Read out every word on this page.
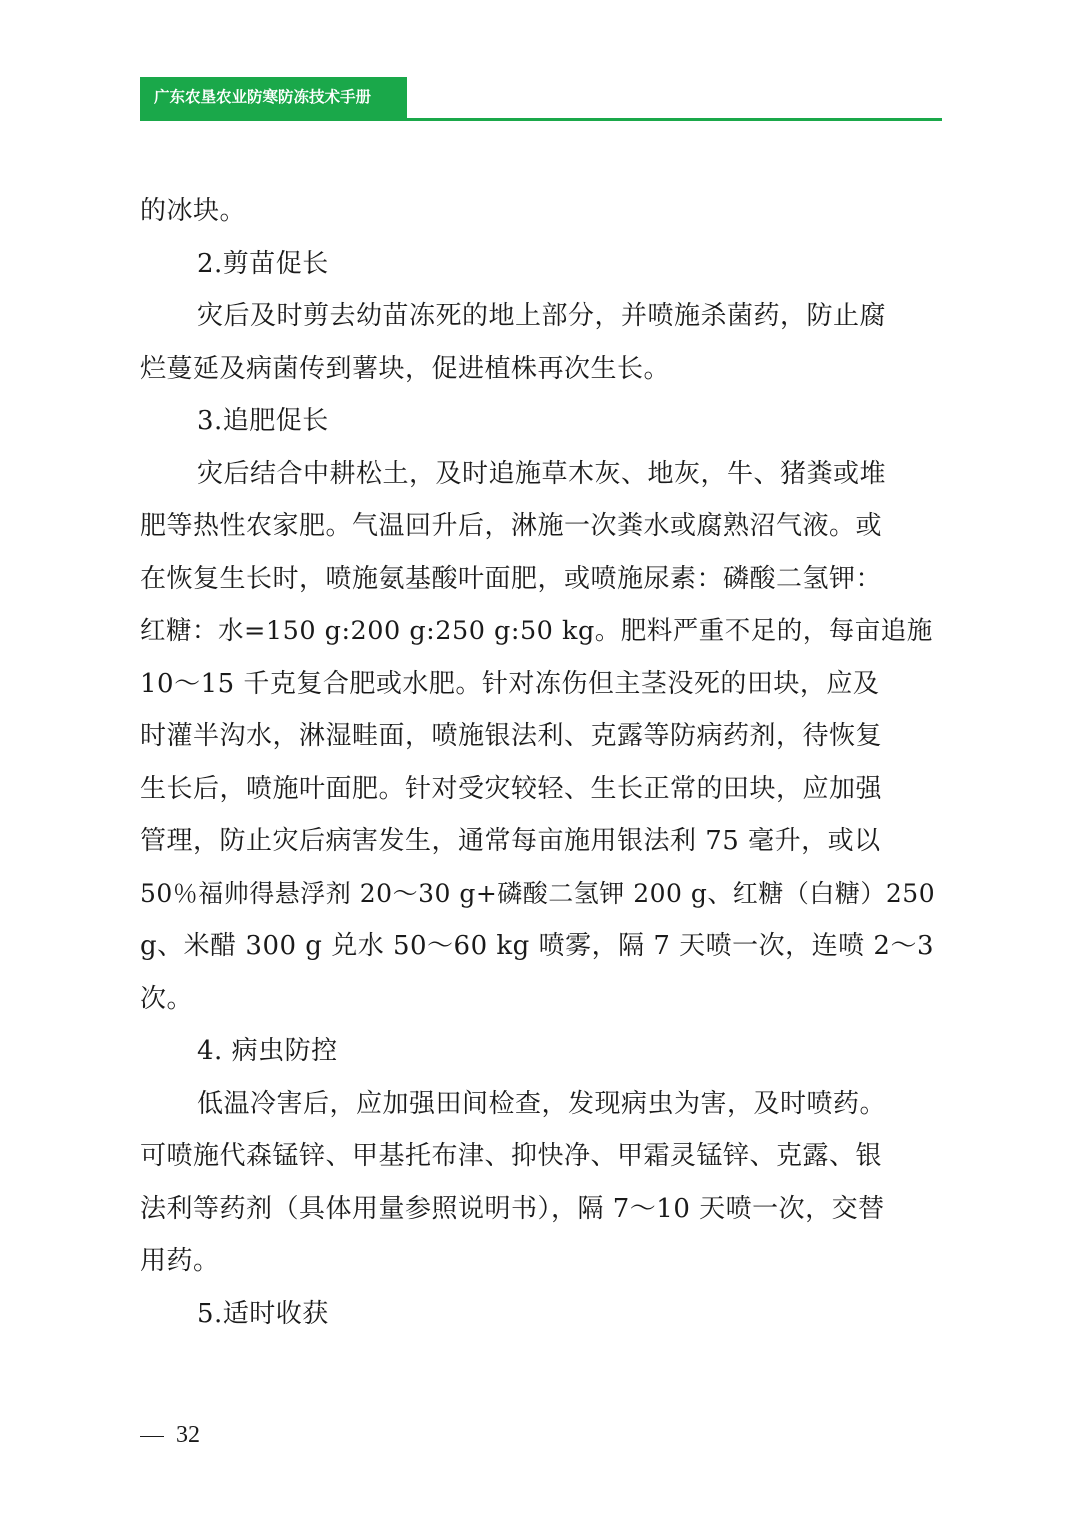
广东农垦农业防寒防冻技术手册

的冰块。

2.剪苗促长

灾后及时剪去幼苗冻死的地上部分，并喷施杀菌药，防止腐

烂蔓延及病菌传到薯块，促进植株再次生长。

3.追肥促长

灾后结合中耕松土，及时追施草木灰、地灰，牛、猪粪或堆

肥等热性农家肥。气温回升后，淋施一次粪水或腐熟沼气液。或

在恢复生长时，喷施氨基酸叶面肥，或喷施尿素：磷酸二氢钾：

红糖：水=150 g:200 g:250 g:50 kg。肥料严重不足的，每亩追施

10～15 千克复合肥或水肥。针对冻伤但主茎没死的田块，应及

时灌半沟水，淋湿畦面，喷施银法利、克露等防病药剂，待恢复

生长后，喷施叶面肥。针对受灾较轻、生长正常的田块，应加强

管理，防止灾后病害发生，通常每亩施用银法利 75 毫升，或以

50％福帅得悬浮剂 20～30 g+磷酸二氢钾 200 g、红糖（白糖）250

g、米醋 300 g 兑水 50～60 kg 喷雾，隔 7 天喷一次，连喷 2～3

次。

4. 病虫防控

低温冷害后，应加强田间检查，发现病虫为害，及时喷药。

可喷施代森锰锌、甲基托布津、抑快净、甲霜灵锰锌、克露、银

法利等药剂（具体用量参照说明书），隔 7～10 天喷一次，交替

用药。

5.适时收获

32
